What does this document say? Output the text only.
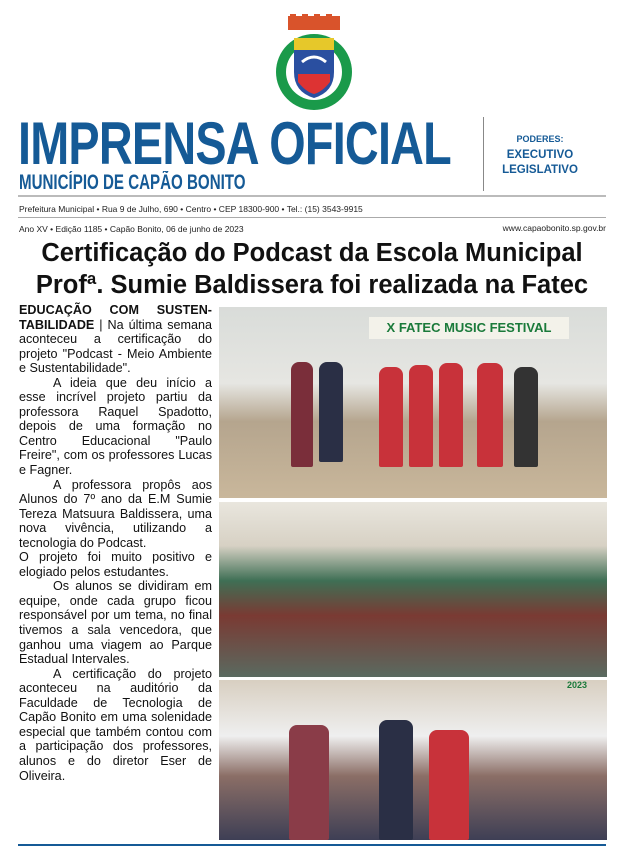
IMPRENSA OFICIAL
MUNICÍPIO DE CAPÃO BONITO
PODERES:
EXECUTIVO
LEGISLATIVO
Prefeitura Municipal • Rua 9 de Julho, 690 • Centro • CEP 18300-900 • Tel.: (15) 3543-9915
Ano XV • Edição 1185 • Capão Bonito, 06 de junho de 2023	www.capaobonito.sp.gov.br
Certificação do Podcast da Escola Municipal
Profª. Sumie Baldissera foi realizada na Fatec

EDUCAÇÃO COM SUSTEN-TABILIDADE | Na última semana aconteceu a certificação do projeto "Podcast - Meio Ambiente e Sustentabilidade".

A ideia que deu início a esse incrível projeto partiu da professora Raquel Spadotto, depois de uma formação no Centro Educacional "Paulo Freire", com os professores Lucas e Fagner.

A professora propôs aos Alunos do 7º ano da E.M Sumie Tereza Matsuura Baldissera, uma nova vivência, utilizando a tecnologia do Podcast.

O projeto foi muito positivo e elogiado pelos estudantes.

Os alunos se dividiram em equipe, onde cada grupo ficou responsável por um tema, no final tivemos a sala vencedora, que ganhou uma viagem ao Parque Estadual Intervales.

A certificação do projeto aconteceu na auditório da Faculdade de Tecnologia de Capão Bonito em uma solenidade especial que também contou com a participação dos professores, alunos e do diretor Eser de Oliveira.

X FATEC MUSIC FESTIVAL
2023
